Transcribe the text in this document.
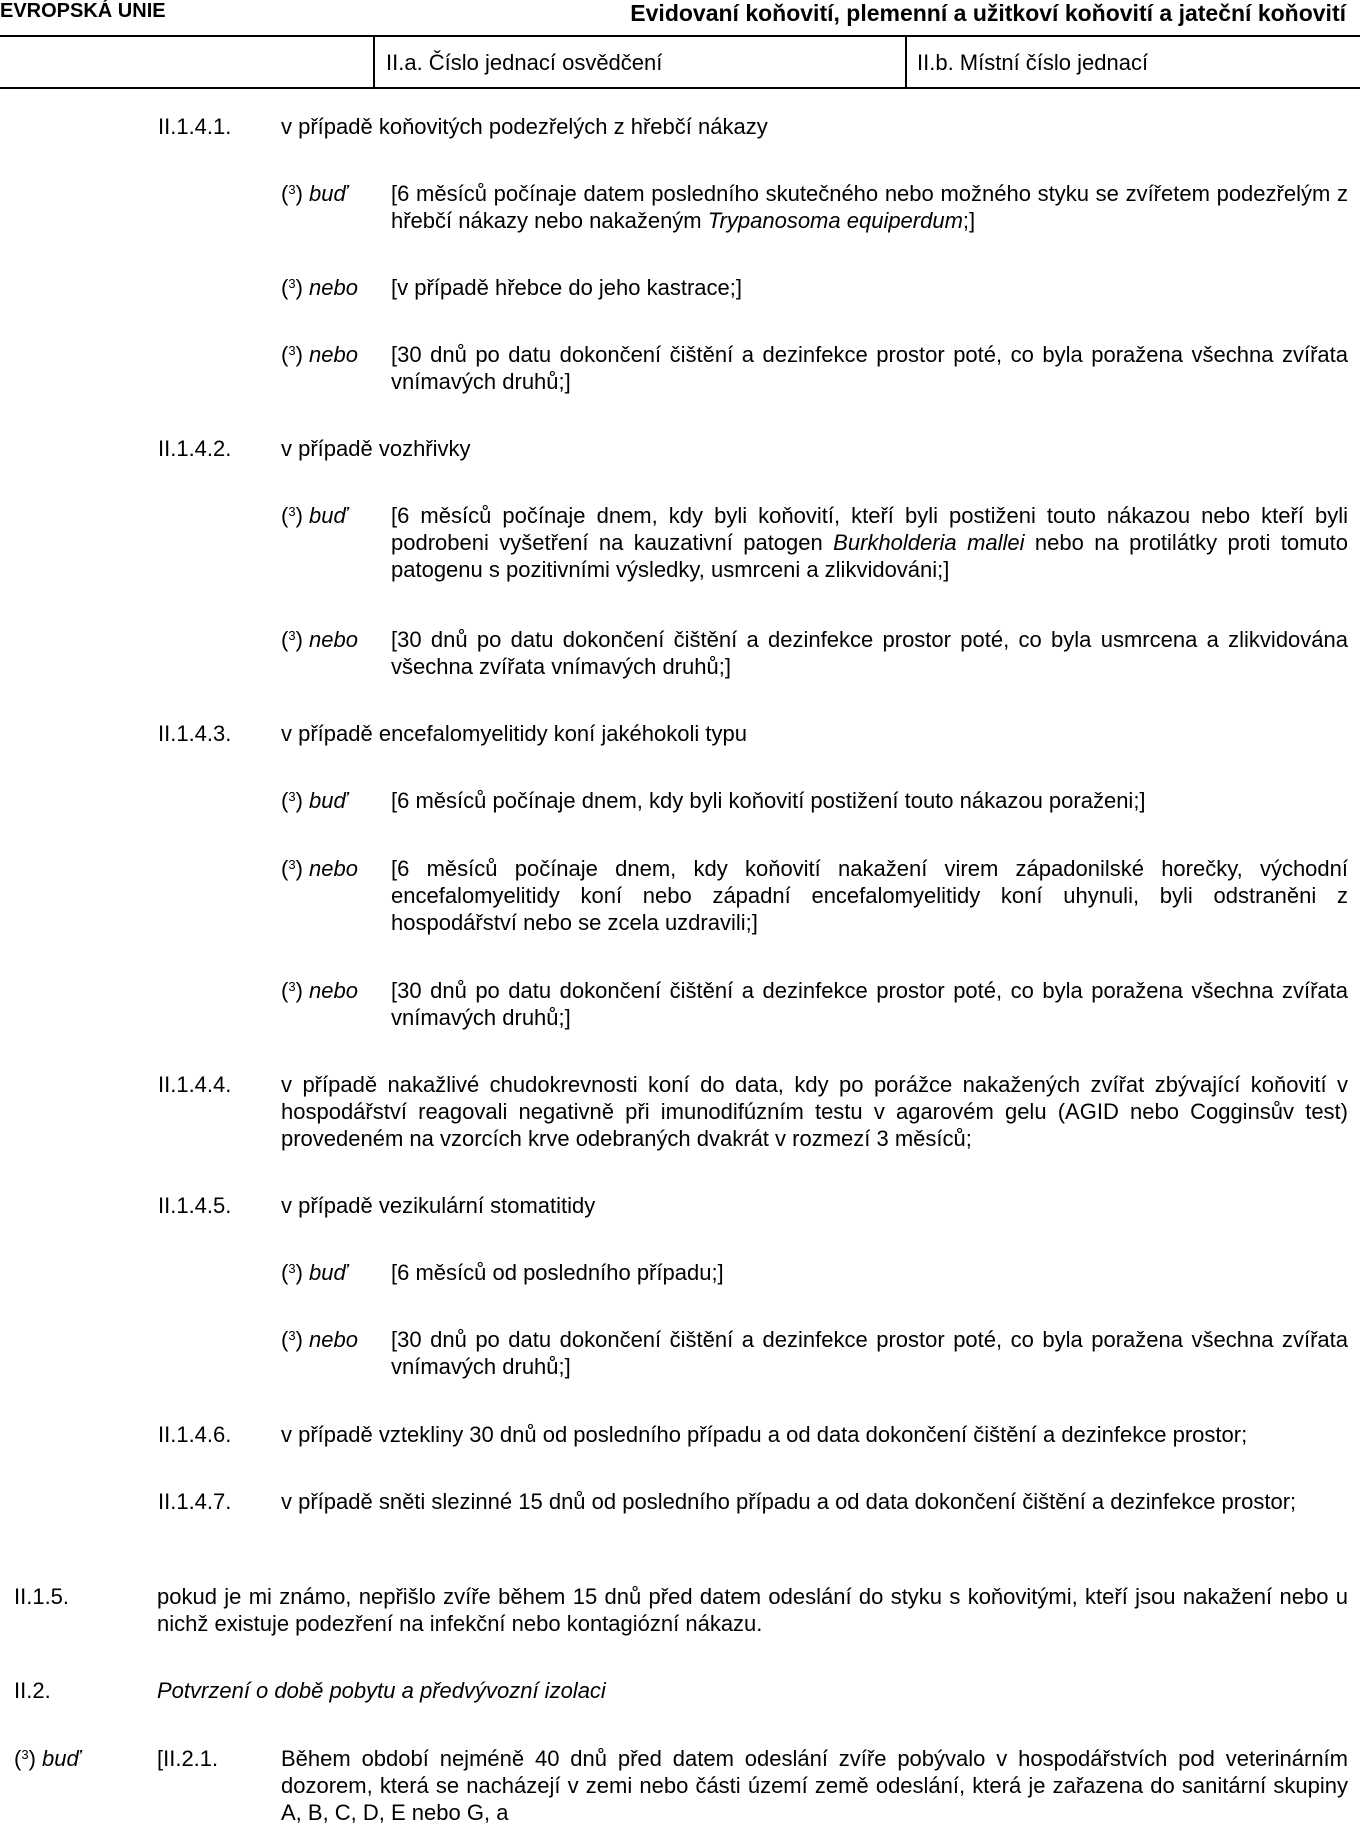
EVROPSKÁ UNIE	Evidovaní koňovití, plemenní a užitkoví koňovití a jateční koňovití
II.a. Číslo jednací osvědčení	II.b. Místní číslo jednací
II.1.4.1. v případě koňovitých podezřelých z hřebčí nákazy
($^3$) buď [6 měsíců počínaje datem posledního skutečného nebo možného styku se zvířetem podezřelým z hřebčí nákazy nebo nakaženým Trypanosoma equiperdum;]
($^3$) nebo [v případě hřebce do jeho kastrace;]
($^3$) nebo [30 dnů po datu dokončení čištění a dezinfekce prostor poté, co byla poražena všechna zvířata vnímavých druhů;]
II.1.4.2. v případě vozhřivky
($^3$) buď [6 měsíců počínaje dnem, kdy byli koňovití, kteří byli postiženi touto nákazou nebo kteří byli podrobeni vyšetření na kauzativní patogen Burkholderia mallei nebo na protilátky proti tomuto patogenu s pozitivními výsledky, usmrceni a zlikvidováni;]
($^3$) nebo [30 dnů po datu dokončení čištění a dezinfekce prostor poté, co byla usmrcena a zlikvidována všechna zvířata vnímavých druhů;]
II.1.4.3. v případě encefalomyelitidy koní jakéhokoli typu
($^3$) buď [6 měsíců počínaje dnem, kdy byli koňovití postižení touto nákazou poraženi;]
($^3$) nebo [6 měsíců počínaje dnem, kdy koňovití nakažení virem západonilské horečky, východní encefalomyelitidy koní nebo západní encefalomyelitidy koní uhynuli, byli odstraněni z hospodářství nebo se zcela uzdravili;]
($^3$) nebo [30 dnů po datu dokončení čištění a dezinfekce prostor poté, co byla poražena všechna zvířata vnímavých druhů;]
II.1.4.4. v případě nakažlivé chudokrevnosti koní do data, kdy po porážce nakažených zvířat zbývající koňovití v hospodářství reagovali negativně při imunodifúzním testu v agarovém gelu (AGID nebo Cogginsův test) provedeném na vzorcích krve odebraných dvakrát v rozmezí 3 měsíců;
II.1.4.5. v případě vezikulární stomatitidy
($^3$) buď [6 měsíců od posledního případu;]
($^3$) nebo [30 dnů po datu dokončení čištění a dezinfekce prostor poté, co byla poražena všechna zvířata vnímavých druhů;]
II.1.4.6. v případě vztekliny 30 dnů od posledního případu a od data dokončení čištění a dezinfekce prostor;
II.1.4.7. v případě sněti slezinné 15 dnů od posledního případu a od data dokončení čištění a dezinfekce prostor;
II.1.5.	pokud je mi známo, nepřišlo zvíře během 15 dnů před datem odeslání do styku s koňovitými, kteří jsou nakažení nebo u nichž existuje podezření na infekční nebo kontagiózní nákazu.
II.2.	Potvrzení o době pobytu a předvývozní izolaci
($^3$) buď	[II.2.1.	Během období nejméně 40 dnů před datem odeslání zvíře pobývalo v hospodářstvích pod veterinárním dozorem, která se nacházejí v zemi nebo části území země odeslání, která je zařazena do sanitární skupiny A, B, C, D, E nebo G, a
